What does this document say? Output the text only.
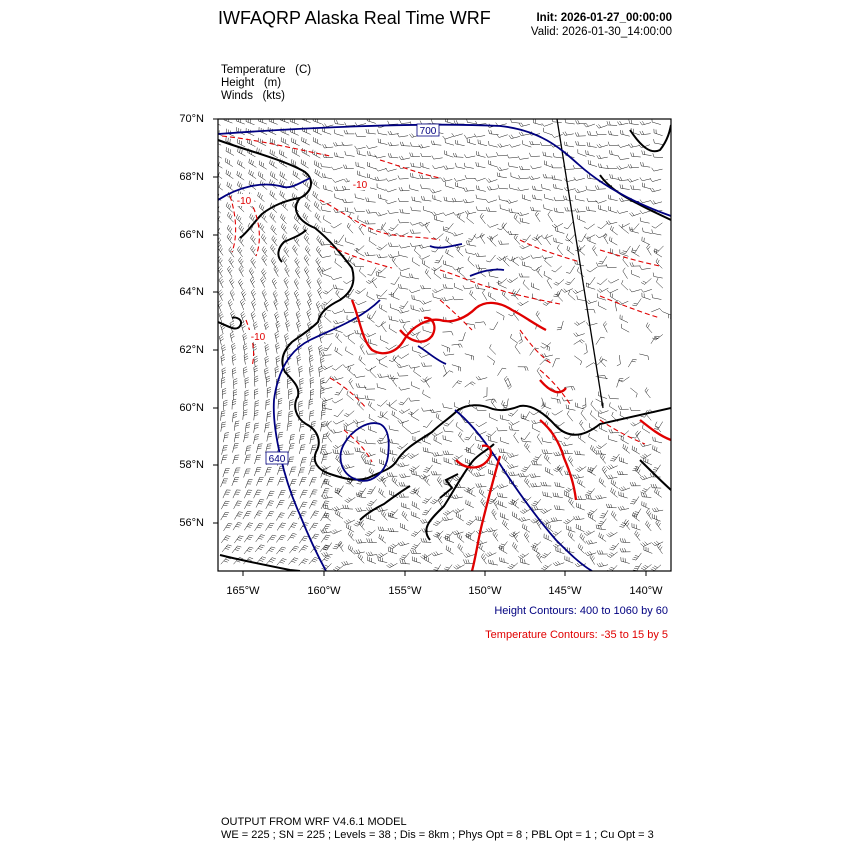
IWFAQRP Alaska Real Time WRF	Init: 2026-01-27_00:00:00
Valid: 2026-01-30_14:00:00
Temperature (C)
Height (m)
Winds (kts)
700
640
-10
-10
-10
70°N
68°N
66°N
64°N
62°N
60°N
58°N
56°N
165°W	160°W	155°W	150°W	145°W	140°W
Height Contours: 400 to 1060 by 60
Temperature Contours: -35 to 15 by 5
OUTPUT FROM WRF V4.6.1 MODEL
WE = 225 ; SN = 225 ; Levels = 38 ; Dis = 8km ; Phys Opt = 8 ; PBL Opt = 1 ; Cu Opt = 3
